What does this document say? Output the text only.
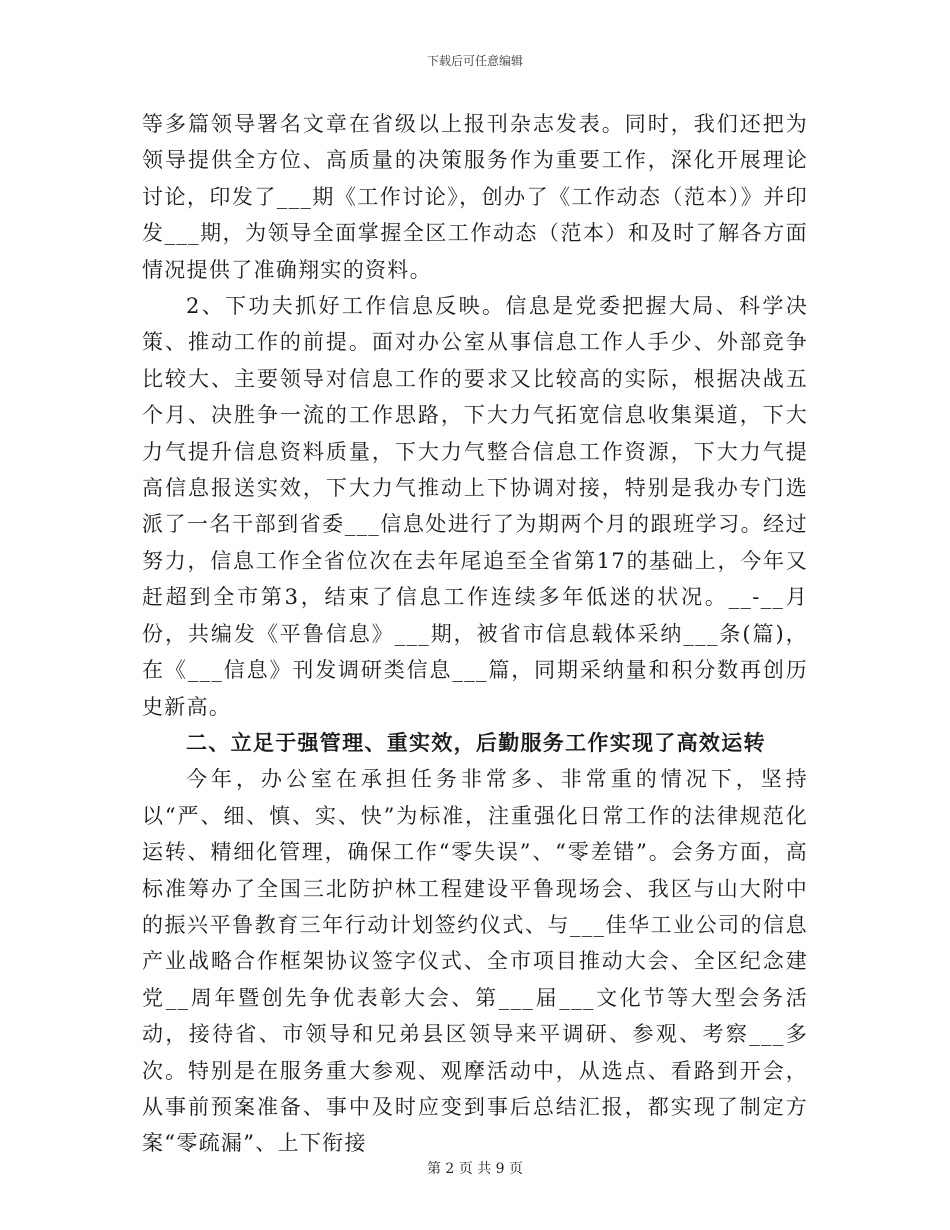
下载后可任意编辑

等多篇领导署名文章在省级以上报刊杂志发表。同时，我们还把为领导提供全方位、高质量的决策服务作为重要工作，深化开展理论讨论，印发了___期《工作讨论》，创办了《工作动态（范本）》并印发___期，为领导全面掌握全区工作动态（范本）和及时了解各方面情况提供了准确翔实的资料。

2、下功夫抓好工作信息反映。信息是党委把握大局、科学决策、推动工作的前提。面对办公室从事信息工作人手少、外部竞争比较大、主要领导对信息工作的要求又比较高的实际，根据决战五个月、决胜争一流的工作思路，下大力气拓宽信息收集渠道，下大力气提升信息资料质量，下大力气整合信息工作资源，下大力气提高信息报送实效，下大力气推动上下协调对接，特别是我办专门选派了一名干部到省委___信息处进行了为期两个月的跟班学习。经过努力，信息工作全省位次在去年尾追至全省第17的基础上，今年又赶超到全市第3，结束了信息工作连续多年低迷的状况。__-__月份，共编发《平鲁信息》___期，被省市信息载体采纳___条(篇)，在《___信息》刊发调研类信息___篇，同期采纳量和积分数再创历史新高。

二、立足于强管理、重实效，后勤服务工作实现了高效运转

今年，办公室在承担任务非常多、非常重的情况下，坚持以“严、细、慎、实、快”为标准，注重强化日常工作的法律规范化运转、精细化管理，确保工作“零失误”、“零差错”。会务方面，高标准筹办了全国三北防护林工程建设平鲁现场会、我区与山大附中的振兴平鲁教育三年行动计划签约仪式、与___佳华工业公司的信息产业战略合作框架协议签字仪式、全市项目推动大会、全区纪念建党__周年暨创先争优表彰大会、第___届___文化节等大型会务活动，接待省、市领导和兄弟县区领导来平调研、参观、考察___多次。特别是在服务重大参观、观摩活动中，从选点、看路到开会，从事前预案准备、事中及时应变到事后总结汇报，都实现了制定方案“零疏漏”、上下衔接

第 2 页 共 9 页
